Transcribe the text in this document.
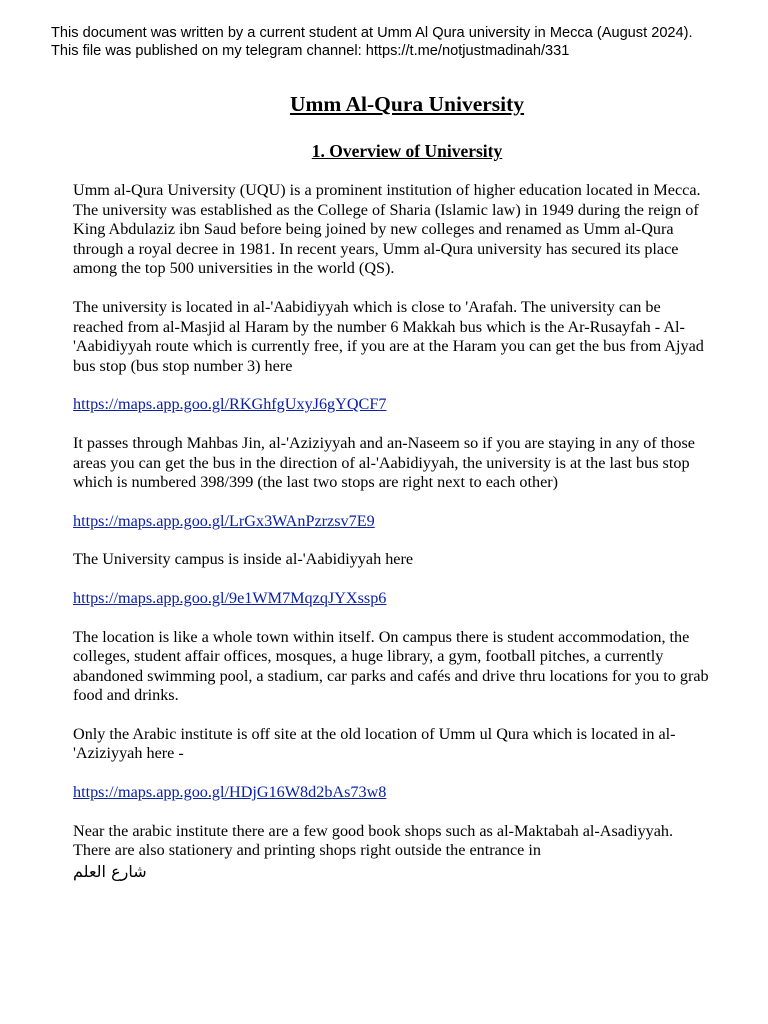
This document was written by a current student at Umm Al Qura university in Mecca (August 2024).
This file was published on my telegram channel: https://t.me/notjustmadinah/331
Umm Al-Qura University
1. Overview of University

Umm al-Qura University (UQU) is a prominent institution of higher education located in Mecca. The university was established as the College of Sharia (Islamic law) in 1949 during the reign of King Abdulaziz ibn Saud before being joined by new colleges and renamed as Umm al-Qura through a royal decree in 1981. In recent years, Umm al-Qura university has secured its place among the top 500 universities in the world (QS).

The university is located in al-'Aabidiyyah which is close to 'Arafah. The university can be reached from al-Masjid al Haram by the number 6 Makkah bus which is the Ar-Rusayfah - Al-'Aabidiyyah route which is currently free, if you are at the Haram you can get the bus from Ajyad bus stop (bus stop number 3) here

https://maps.app.goo.gl/RKGhfgUxyJ6gYQCF7

It passes through Mahbas Jin, al-'Aziziyyah and an-Naseem so if you are staying in any of those areas you can get the bus in the direction of al-'Aabidiyyah, the university is at the last bus stop which is numbered 398/399 (the last two stops are right next to each other)

https://maps.app.goo.gl/LrGx3WAnPzrzsv7E9

The University campus is inside al-'Aabidiyyah here

https://maps.app.goo.gl/9e1WM7MqzqJYXssp6

The location is like a whole town within itself. On campus there is student accommodation, the colleges, student affair offices, mosques, a huge library, a gym, football pitches, a currently abandoned swimming pool, a stadium, car parks and cafés and drive thru locations for you to grab food and drinks.

Only the Arabic institute is off site at the old location of Umm ul Qura which is located in al-'Aziziyyah here -

https://maps.app.goo.gl/HDjG16W8d2bAs73w8

Near the arabic institute there are a few good book shops such as al-Maktabah al-Asadiyyah. There are also stationery and printing shops right outside the entrance in
شارع العلم
